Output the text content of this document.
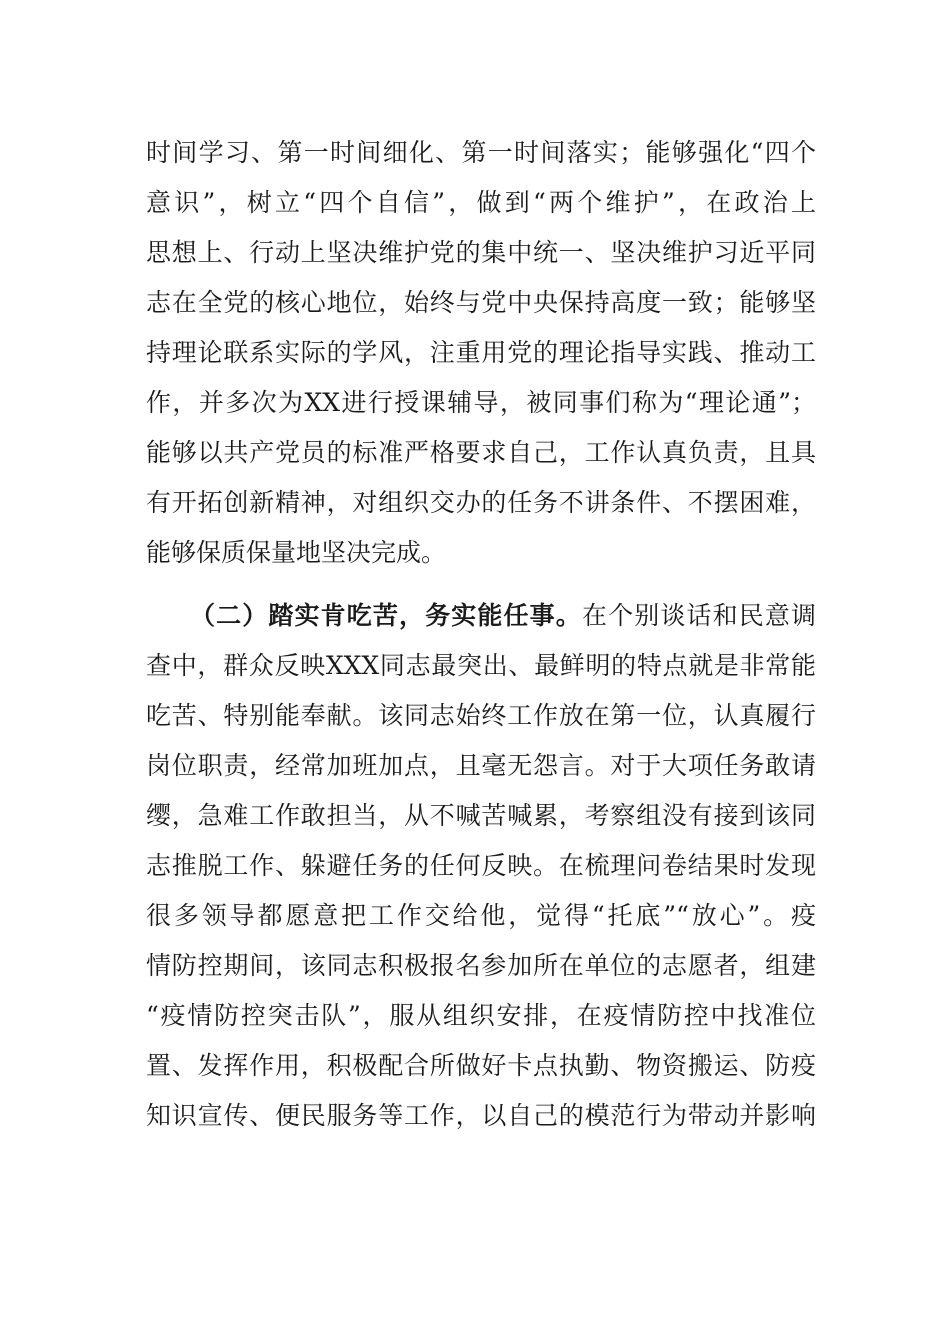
时间学习、第一时间细化、第一时间落实；能够强化“四个
意识”，树立“四个自信”，做到“两个维护”，在政治上
思想上、行动上坚决维护党的集中统一、坚决维护习近平同
志在全党的核心地位，始终与党中央保持高度一致；能够坚
持理论联系实际的学风，注重用党的理论指导实践、推动工
作，并多次为XX进行授课辅导，被同事们称为“理论通”；
能够以共产党员的标准严格要求自己，工作认真负责，且具
有开拓创新精神，对组织交办的任务不讲条件、不摆困难，
能够保质保量地坚决完成。
（二）踏实肯吃苦，务实能任事。在个别谈话和民意调
查中，群众反映XXX同志最突出、最鲜明的特点就是非常能
吃苦、特别能奉献。该同志始终工作放在第一位，认真履行
岗位职责，经常加班加点，且毫无怨言。对于大项任务敢请
缨，急难工作敢担当，从不喊苦喊累，考察组没有接到该同
志推脱工作、躲避任务的任何反映。在梳理问卷结果时发现
很多领导都愿意把工作交给他，觉得“托底”“放心”。疫
情防控期间，该同志积极报名参加所在单位的志愿者，组建
“疫情防控突击队”，服从组织安排，在疫情防控中找准位
置、发挥作用，积极配合所做好卡点执勤、物资搬运、防疫
知识宣传、便民服务等工作，以自己的模范行为带动并影响
